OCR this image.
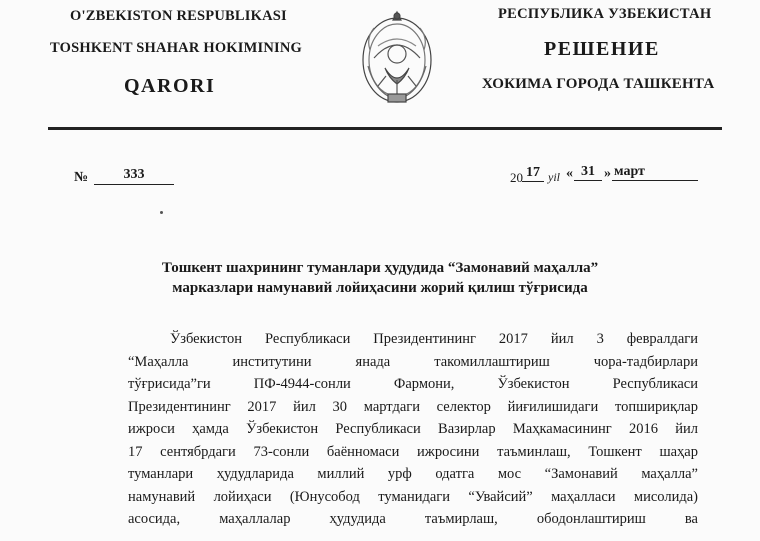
O'ZBEKISTON RESPUBLIKASI
TOSHKENT SHAHAR HOKIMINING
QARORI
РЕСПУБЛИКА УЗБЕКИСТАН
РЕШЕНИЕ
ХОКИМА ГОРОДА ТАШКЕНТА
№	333	20 17 yil « 31 » март
Тошкент шахрининг туманлари ҳудудида “Замонавий маҳалла”
марказлари намунавий лойиҳасини жорий қилиш тўғрисида
Ўзбекистон Республикаси Президентининг 2017 йил 3 февралдаги
“Маҳалла институтини янада такомиллаштириш чора-тадбирлари
тўғрисида”ги ПФ-4944-сонли Фармони, Ўзбекистон Республикаси
Президентининг 2017 йил 30 мартдаги селектор йиғилишидаги топшириқлар
ижроси ҳамда Ўзбекистон Республикаси Вазирлар Маҳкамасининг 2016 йил
17 сентябрдаги 73-сонли баённомаси ижросини таъминлаш, Тошкент шаҳар
туманлари ҳудудларида миллий урф одатга мос “Замонавий маҳалла”
намунавий лойиҳаси (Юнусобод туманидаги “Увайсий” маҳалласи мисолида)
асосида, маҳаллалар ҳудудида таъмирлаш, ободонлаштириш ва
